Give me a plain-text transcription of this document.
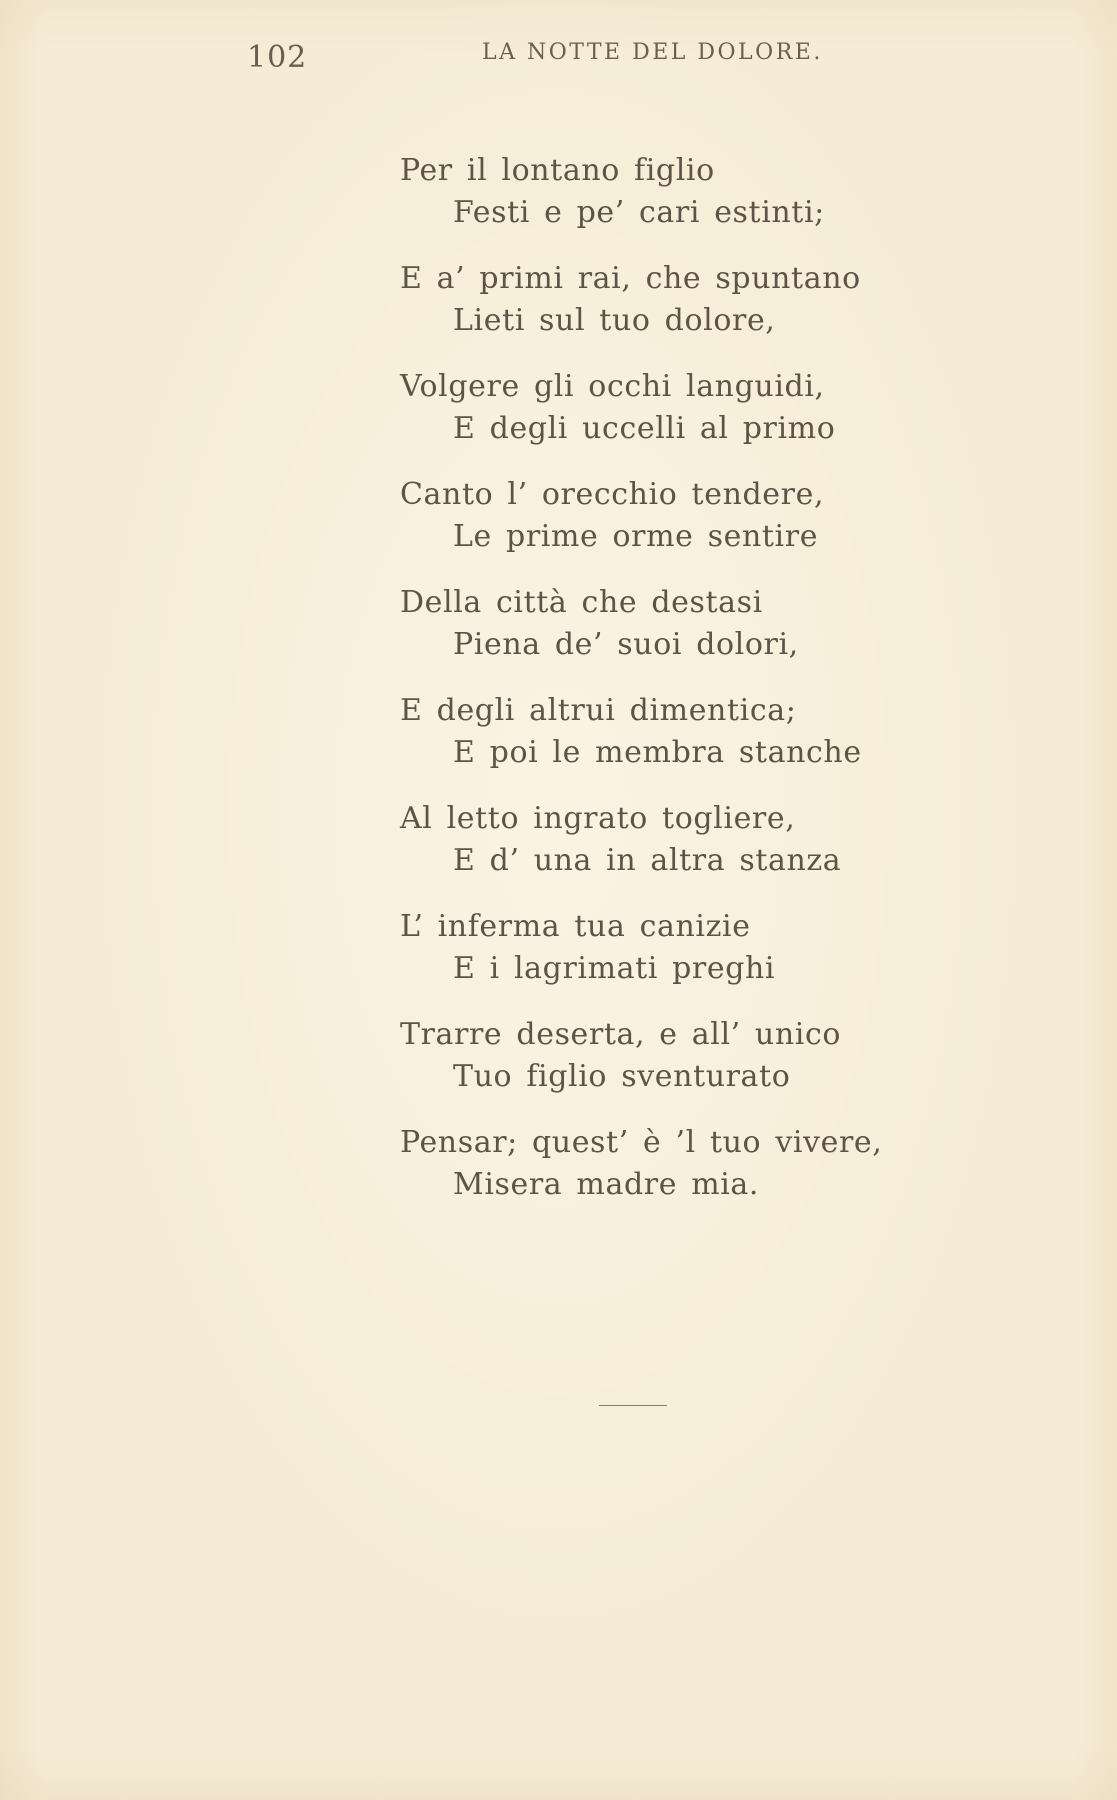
102	LA NOTTE DEL DOLORE.
Per il lontano figlio
Festi e pe’ cari estinti;
E a’ primi rai, che spuntano
Lieti sul tuo dolore,
Volgere gli occhi languidi,
E degli uccelli al primo
Canto l’ orecchio tendere,
Le prime orme sentire
Della città che destasi
Piena de’ suoi dolori,
E degli altrui dimentica;
E poi le membra stanche
Al letto ingrato togliere,
E d’ una in altra stanza
L’ inferma tua canizie
E i lagrimati preghi
Trarre deserta, e all’ unico
Tuo figlio sventurato
Pensar; quest’ è ’l tuo vivere,
Misera madre mia.
